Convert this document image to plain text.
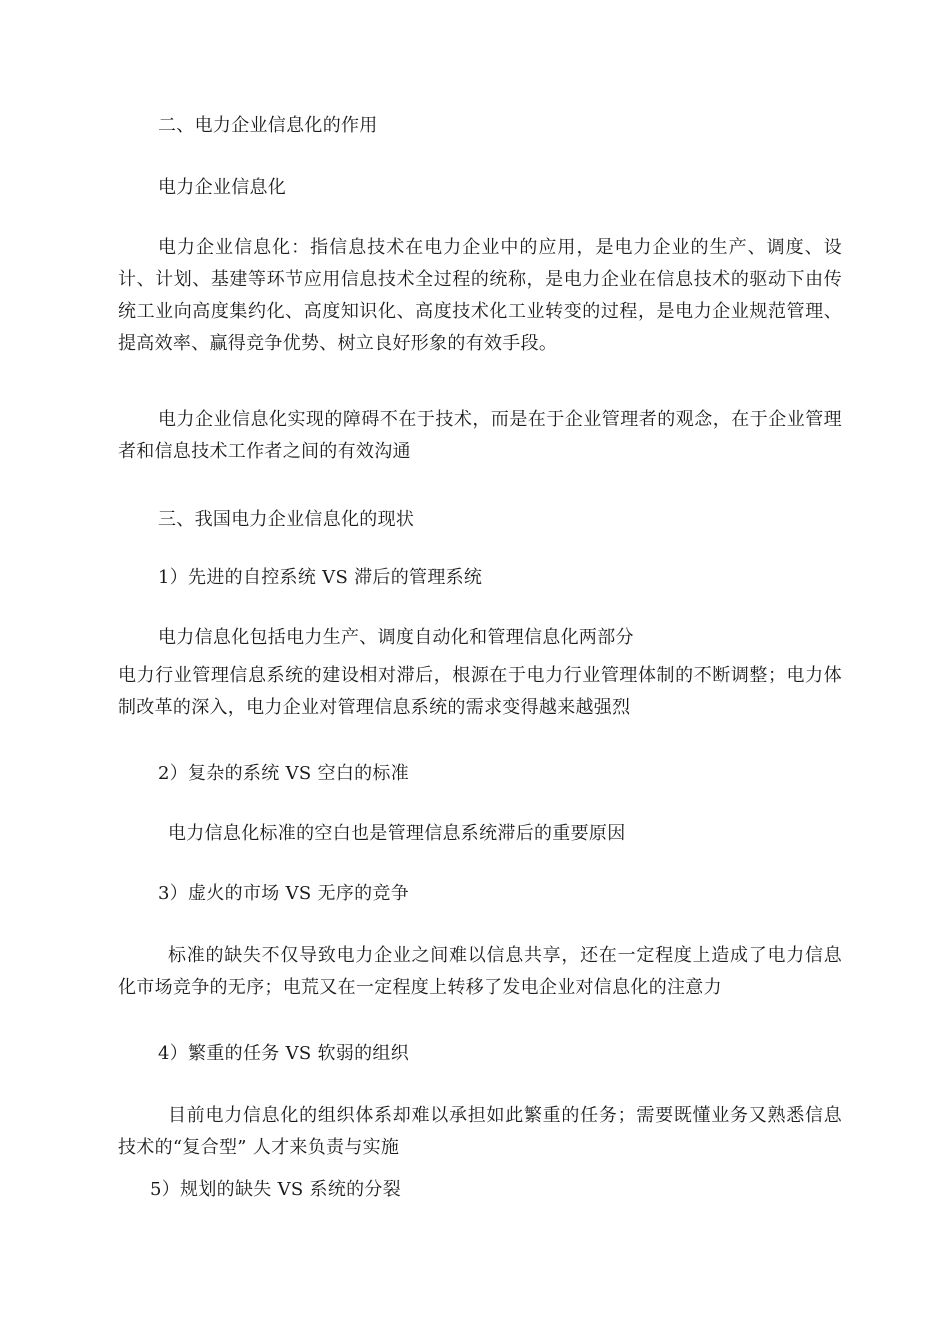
二、电力企业信息化的作用
电力企业信息化
电力企业信息化：指信息技术在电力企业中的应用，是电力企业的生产、调度、设计、计划、基建等环节应用信息技术全过程的统称，是电力企业在信息技术的驱动下由传统工业向高度集约化、高度知识化、高度技术化工业转变的过程，是电力企业规范管理、提高效率、赢得竞争优势、树立良好形象的有效手段。
电力企业信息化实现的障碍不在于技术，而是在于企业管理者的观念，在于企业管理者和信息技术工作者之间的有效沟通
三、我国电力企业信息化的现状
1）先进的自控系统 VS 滞后的管理系统
电力信息化包括电力生产、调度自动化和管理信息化两部分
电力行业管理信息系统的建设相对滞后，根源在于电力行业管理体制的不断调整；电力体制改革的深入，电力企业对管理信息系统的需求变得越来越强烈
2）复杂的系统 VS 空白的标准
电力信息化标准的空白也是管理信息系统滞后的重要原因
3）虚火的市场 VS 无序的竞争
标准的缺失不仅导致电力企业之间难以信息共享，还在一定程度上造成了电力信息化市场竞争的无序；电荒又在一定程度上转移了发电企业对信息化的注意力
4）繁重的任务 VS 软弱的组织
目前电力信息化的组织体系却难以承担如此繁重的任务；需要既懂业务又熟悉信息技术的“复合型” 人才来负责与实施
5）规划的缺失 VS 系统的分裂
